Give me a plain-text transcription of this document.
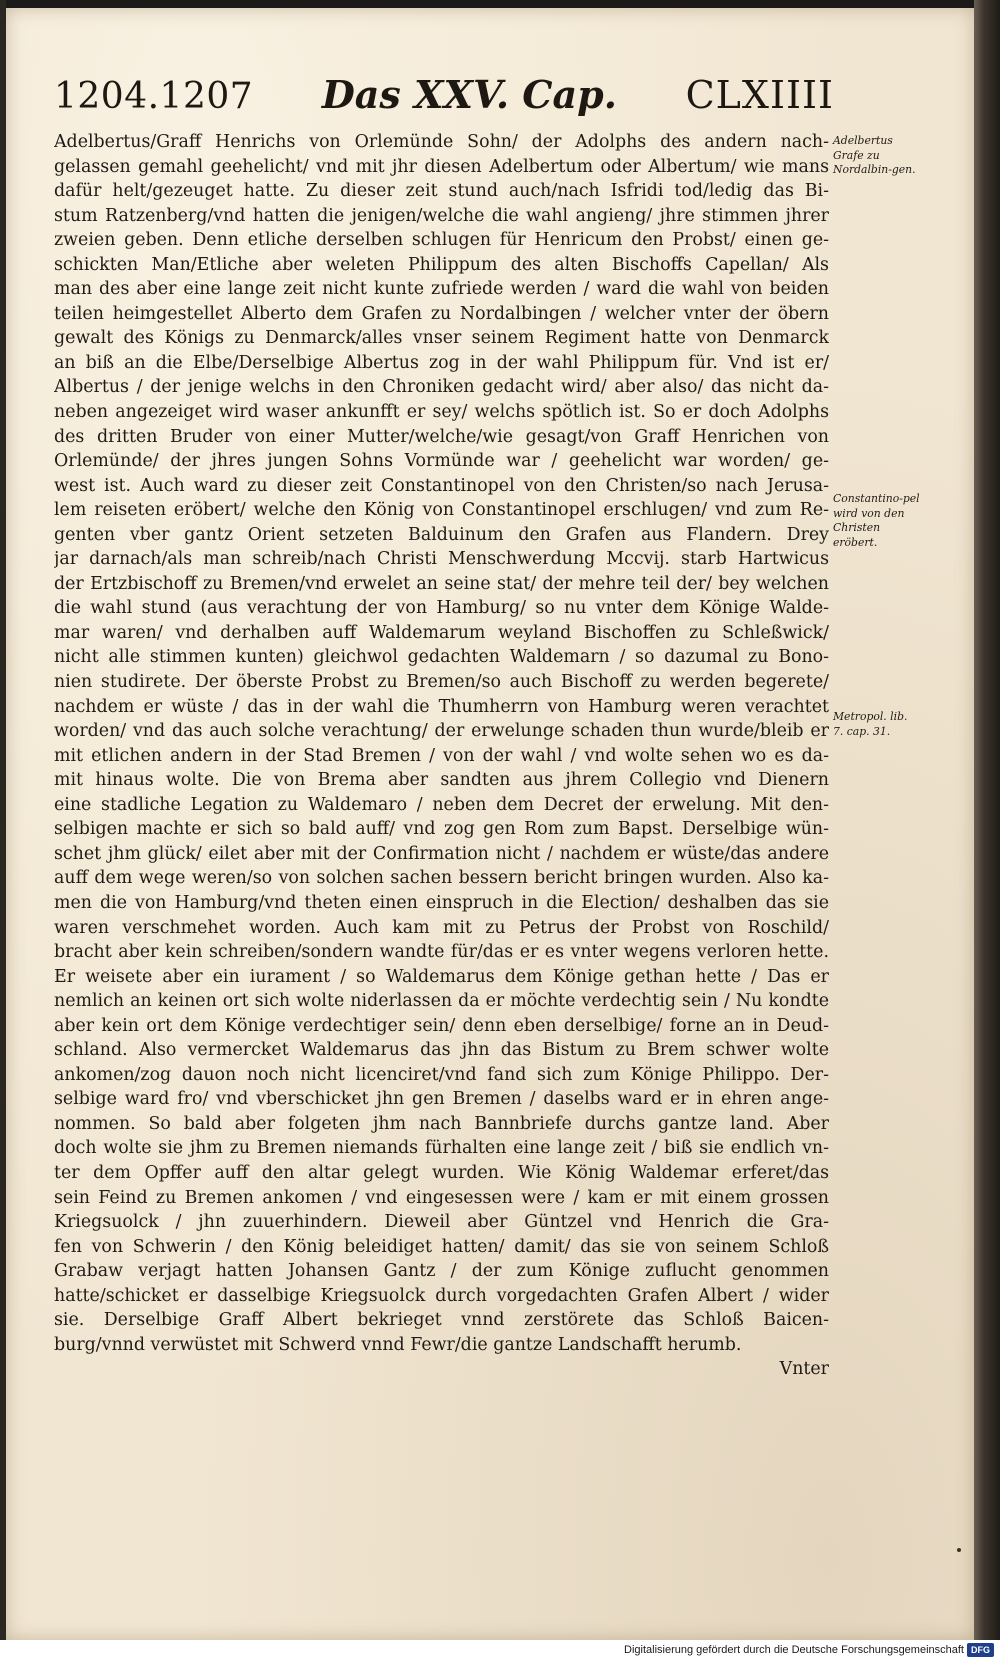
1204.1207 Das XXV. Cap. CLXIIII
Adelbertus/Graff Henrichs von Orlemünde Sohn/ der Adolphs des andern nach-
gelassen gemahl geehelicht/ vnd mit jhr diesen Adelbertum oder Albertum/ wie mans
dafür helt/gezeuget hatte. Zu dieser zeit stund auch/nach Isfridi tod/ledig das Bi-
stum Ratzenberg/vnd hatten die jenigen/welche die wahl angieng/ jhre stimmen jhrer
zweien geben. Denn etliche derselben schlugen für Henricum den Probst/ einen ge-
schickten Man/Etliche aber weleten Philippum des alten Bischoffs Capellan/ Als
man des aber eine lange zeit nicht kunte zufriede werden / ward die wahl von beiden
teilen heimgestellet Alberto dem Grafen zu Nordalbingen / welcher vnter der öbern
gewalt des Königs zu Denmarck/alles vnser seinem Regiment hatte von Denmarck
an biß an die Elbe/Derselbige Albertus zog in der wahl Philippum für. Vnd ist er/
Albertus / der jenige welchs in den Chroniken gedacht wird/ aber also/ das nicht da-
neben angezeiget wird waser ankunfft er sey/ welchs spötlich ist. So er doch Adolphs
des dritten Bruder von einer Mutter/welche/wie gesagt/von Graff Henrichen von
Orlemünde/ der jhres jungen Sohns Vormünde war / geehelicht war worden/ ge-
west ist. Auch ward zu dieser zeit Constantinopel von den Christen/so nach Jerusa-
lem reiseten eröbert/ welche den König von Constantinopel erschlugen/ vnd zum Re-
genten vber gantz Orient setzeten Balduinum den Grafen aus Flandern. Drey
jar darnach/als man schreib/nach Christi Menschwerdung Mccvij. starb Hartwicus
der Ertzbischoff zu Bremen/vnd erwelet an seine stat/ der mehre teil der/ bey welchen
die wahl stund (aus verachtung der von Hamburg/ so nu vnter dem Könige Walde-
mar waren/ vnd derhalben auff Waldemarum weyland Bischoffen zu Schleßwick/
nicht alle stimmen kunten) gleichwol gedachten Waldemarn / so dazumal zu Bono-
nien studirete. Der öberste Probst zu Bremen/so auch Bischoff zu werden begerete/
nachdem er wüste / das in der wahl die Thumherrn von Hamburg weren verachtet
worden/ vnd das auch solche verachtung/ der erwelunge schaden thun wurde/bleib er
mit etlichen andern in der Stad Bremen / von der wahl / vnd wolte sehen wo es da-
mit hinaus wolte. Die von Brema aber sandten aus jhrem Collegio vnd Dienern
eine stadliche Legation zu Waldemaro / neben dem Decret der erwelung. Mit den-
selbigen machte er sich so bald auff/ vnd zog gen Rom zum Bapst. Derselbige wün-
schet jhm glück/ eilet aber mit der Confirmation nicht / nachdem er wüste/das andere
auff dem wege weren/so von solchen sachen bessern bericht bringen wurden. Also ka-
men die von Hamburg/vnd theten einen einspruch in die Election/ deshalben das sie
waren verschmehet worden. Auch kam mit zu Petrus der Probst von Roschild/
bracht aber kein schreiben/sondern wandte für/das er es vnter wegens verloren hette.
Er weisete aber ein iurament / so Waldemarus dem Könige gethan hette / Das er
nemlich an keinen ort sich wolte niderlassen da er möchte verdechtig sein / Nu kondte
aber kein ort dem Könige verdechtiger sein/ denn eben derselbige/ forne an in Deud-
schland. Also vermercket Waldemarus das jhn das Bistum zu Brem schwer wolte
ankomen/zog dauon noch nicht licenciret/vnd fand sich zum Könige Philippo. Der-
selbige ward fro/ vnd vberschicket jhn gen Bremen / daselbs ward er in ehren ange-
nommen. So bald aber folgeten jhm nach Bannbriefe durchs gantze land. Aber
doch wolte sie jhm zu Bremen niemands fürhalten eine lange zeit / biß sie endlich vn-
ter dem Opffer auff den altar gelegt wurden. Wie König Waldemar erferet/das
sein Feind zu Bremen ankomen / vnd eingesessen were / kam er mit einem grossen
Kriegsuolck / jhn zuuerhindern. Dieweil aber Güntzel vnd Henrich die Gra-
fen von Schwerin / den König beleidiget hatten/ damit/ das sie von seinem Schloß
Grabaw verjagt hatten Johansen Gantz / der zum Könige zuflucht genommen
hatte/schicket er dasselbige Kriegsuolck durch vorgedachten Grafen Albert / wider
sie. Derselbige Graff Albert bekrieget vnnd zerstörete das Schloß Baicen-
burg/vnnd verwüstet mit Schwerd vnnd Fewr/die gantze Landschafft herumb.
Vnter
Adelbertus Grafe zu Nordalbin-gen.
Constantino-pel wird von den Christen eröbert.
Metropol. lib. 7. cap. 31.
Digitalisierung gefördert durch die Deutsche Forschungsgemeinschaft DFG
